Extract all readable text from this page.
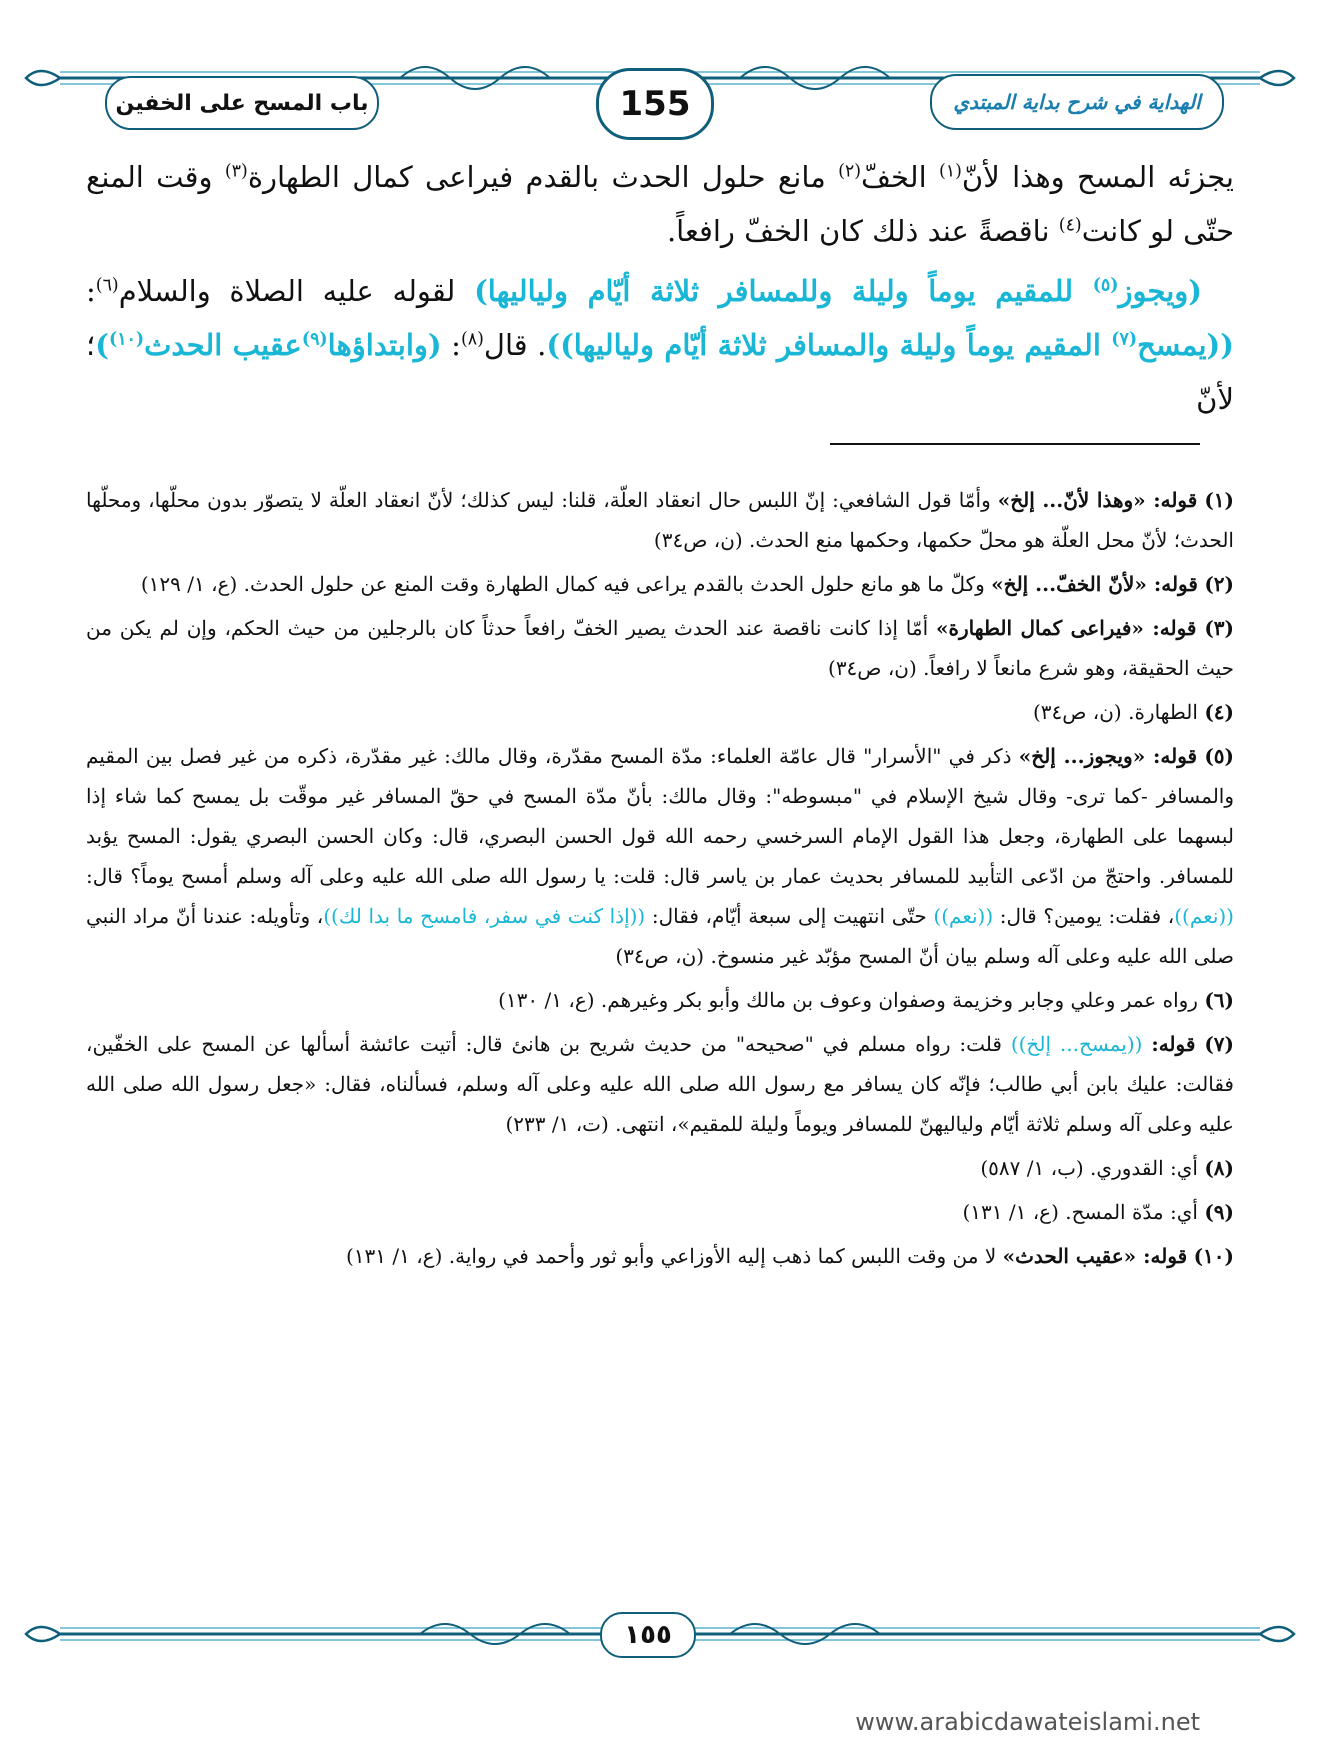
باب المسح على الخفين	155	الهداية في شرح بداية المبتدي

يجزئه المسح وهذا لأنّ$^{(١)}$ الخفّ$^{(٢)}$ مانع حلول الحدث بالقدم فيراعى كمال الطهارة$^{(٣)}$ وقت المنع حتّى لو كانت$^{(٤)}$ ناقصةً عند ذلك كان الخفّ رافعاً.

(ويجوز$^{(٥)}$ للمقيم يوماً وليلة وللمسافر ثلاثة أيّام ولياليها) لقوله عليه الصلاة والسلام$^{(٦)}$: ((يمسح$^{(٧)}$ المقيم يوماً وليلة والمسافر ثلاثة أيّام ولياليها)). قال$^{(٨)}$: (وابتداؤها$^{(٩)}$عقيب الحدث$^{(١٠)}$)؛ لأنّ

(١) قوله: «وهذا لأنّ... إلخ» وأمّا قول الشافعي: إنّ اللبس حال انعقاد العلّة، قلنا: ليس كذلك؛ لأنّ انعقاد العلّة لا يتصوّر بدون محلّها، ومحلّها الحدث؛ لأنّ محل العلّة هو محلّ حكمها، وحكمها منع الحدث. (ن، ص٣٤)
(٢) قوله: «لأنّ الخفّ... إلخ» وكلّ ما هو مانع حلول الحدث بالقدم يراعى فيه كمال الطهارة وقت المنع عن حلول الحدث. (ع، ١/ ١٢٩)
(٣) قوله: «فيراعى كمال الطهارة» أمّا إذا كانت ناقصة عند الحدث يصير الخفّ رافعاً حدثاً كان بالرجلين من حيث الحكم، وإن لم يكن من حيث الحقيقة، وهو شرع مانعاً لا رافعاً. (ن، ص٣٤)
(٤) الطهارة. (ن، ص٣٤)
(٥) قوله: «ويجوز... إلخ» ذكر في "الأسرار" قال عامّة العلماء: مدّة المسح مقدّرة، وقال مالك: غير مقدّرة، ذكره من غير فصل بين المقيم والمسافر -كما ترى- وقال شيخ الإسلام في "مبسوطه": وقال مالك: بأنّ مدّة المسح في حقّ المسافر غير موقّت بل يمسح كما شاء إذا لبسهما على الطهارة، وجعل هذا القول الإمام السرخسي رحمه الله قول الحسن البصري، قال: وكان الحسن البصري يقول: المسح يؤبد للمسافر. واحتجّ من ادّعى التأبيد للمسافر بحديث عمار بن ياسر قال: قلت: يا رسول الله صلى الله عليه وعلى آله وسلم أمسح يوماً؟ قال: ((نعم))، فقلت: يومين؟ قال: ((نعم)) حتّى انتهيت إلى سبعة أيّام، فقال: ((إذا كنت في سفر، فامسح ما بدا لك))، وتأويله: عندنا أنّ مراد النبي صلى الله عليه وعلى آله وسلم بيان أنّ المسح مؤبّد غير منسوخ. (ن، ص٣٤)
(٦) رواه عمر وعلي وجابر وخزيمة وصفوان وعوف بن مالك وأبو بكر وغيرهم. (ع، ١/ ١٣٠)
(٧) قوله: ((يمسح... إلخ)) قلت: رواه مسلم في "صحيحه" من حديث شريح بن هانئ قال: أتيت عائشة أسألها عن المسح على الخفّين، فقالت: عليك بابن أبي طالب؛ فإنّه كان يسافر مع رسول الله صلى الله عليه وعلى آله وسلم، فسألناه، فقال: «جعل رسول الله صلى الله عليه وعلى آله وسلم ثلاثة أيّام ولياليهنّ للمسافر ويوماً وليلة للمقيم»، انتهى. (ت، ١/ ٢٣٣)
(٨) أي: القدوري. (ب، ١/ ٥٨٧)
(٩) أي: مدّة المسح. (ع، ١/ ١٣١)
(١٠) قوله: «عقيب الحدث» لا من وقت اللبس كما ذهب إليه الأوزاعي وأبو ثور وأحمد في رواية. (ع، ١/ ١٣١)
١٥٥
www.arabicdawateislami.net
